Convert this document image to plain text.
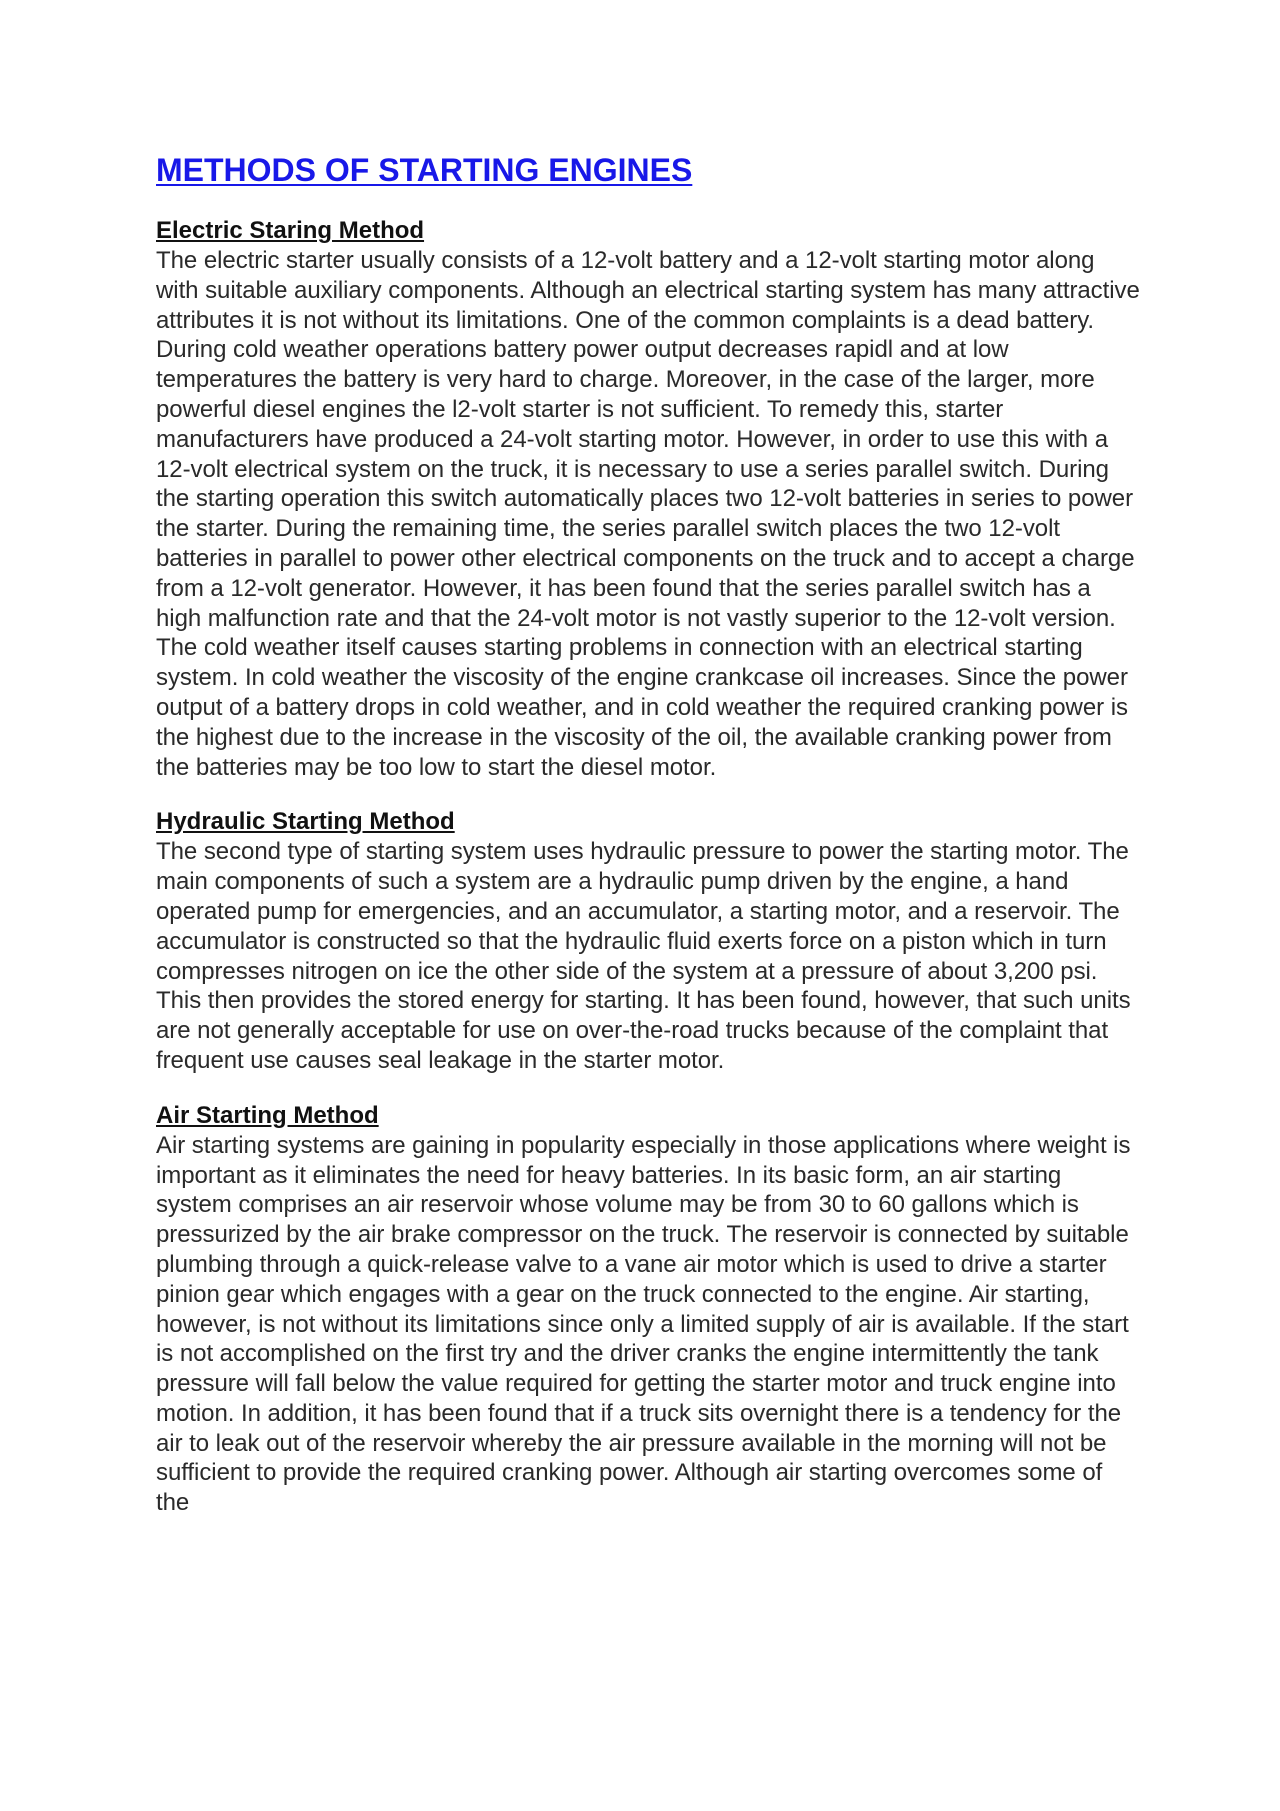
METHODS OF STARTING ENGINES
Electric Staring Method

The electric starter usually consists of a 12-volt battery and a 12-volt starting motor along with suitable auxiliary components. Although an electrical starting system has many attractive attributes it is not without its limitations. One of the common complaints is a dead battery. During cold weather operations battery power output decreases rapidl and at low temperatures the battery is very hard to charge. Moreover, in the case of the larger, more powerful diesel engines the l2-volt starter is not sufficient. To remedy this, starter manufacturers have produced a 24-volt starting motor. However, in order to use this with a 12-volt electrical system on the truck, it is necessary to use a series parallel switch. During the starting operation this switch automatically places two 12-volt batteries in series to power the starter. During the remaining time, the series parallel switch places the two 12-volt batteries in parallel to power other electrical components on the truck and to accept a charge from a 12-volt generator. However, it has been found that the series parallel switch has a high malfunction rate and that the 24-volt motor is not vastly superior to the 12-volt version.

The cold weather itself causes starting problems in connection with an electrical starting system. In cold weather the viscosity of the engine crankcase oil increases. Since the power output of a battery drops in cold weather, and in cold weather the required cranking power is the highest due to the increase in the viscosity of the oil, the available cranking power from the batteries may be too low to start the diesel motor.

Hydraulic Starting Method

The second type of starting system uses hydraulic pressure to power the starting motor. The main components of such a system are a hydraulic pump driven by the engine, a hand operated pump for emergencies, and an accumulator, a starting motor, and a reservoir. The accumulator is constructed so that the hydraulic fluid exerts force on a piston which in turn compresses nitrogen on ice the other side of the system at a pressure of about 3,200 psi. This then provides the stored energy for starting. It has been found, however, that such units are not generally acceptable for use on over-the-road trucks because of the complaint that frequent use causes seal leakage in the starter motor.

Air Starting Method

Air starting systems are gaining in popularity especially in those applications where weight is important as it eliminates the need for heavy batteries. In its basic form, an air starting system comprises an air reservoir whose volume may be from 30 to 60 gallons which is pressurized by the air brake compressor on the truck. The reservoir is connected by suitable plumbing through a quick-release valve to a vane air motor which is used to drive a starter pinion gear which engages with a gear on the truck connected to the engine. Air starting, however, is not without its limitations since only a limited supply of air is available. If the start is not accomplished on the first try and the driver cranks the engine intermittently the tank pressure will fall below the value required for getting the starter motor and truck engine into motion. In addition, it has been found that if a truck sits overnight there is a tendency for the air to leak out of the reservoir whereby the air pressure available in the morning will not be sufficient to provide the required cranking power. Although air starting overcomes some of the
